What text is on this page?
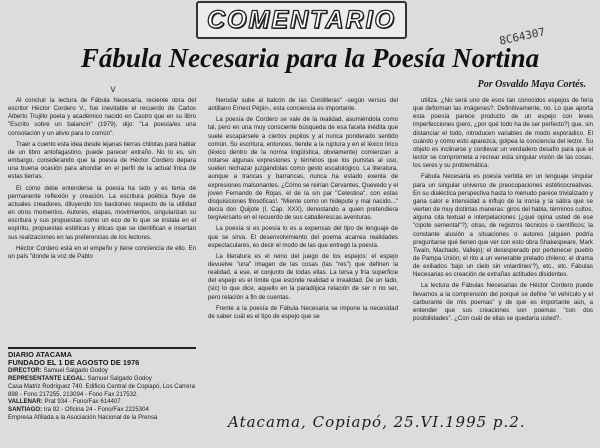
COMENTARIO
8C64307
v
Fábula Necesaria para la Poesía Nortina
Por Osvaldo Maya Cortés.

Al concluir la lectura de Fábula Necesaria, reciente obra del escritor Héctor Cordero V., fue inevitable el recuerdo de Carlos Alberto Trujillo poeta y académico nacido en Castro que en su libro "Escrito sobre un balancín" (1979), dijo: "La poesía/es una consolación y un alivio para lo común".

Traer a cuento esta idea desde lejanas tierras chilotas para hablar de un libro antofagastino, puede parecer extraño. No lo es, sin embargo, considerando que la poesía de Héctor Cordero depara una buena ocasión para ahondar en el perfil de la actual lírica de estas tierras.

El cómo debe entenderse la poesía ha sido y es tema de permanente reflexión y creación. La escritura poética fluye de actuales creadores, diluyendo los bastiones respecto de la utilidad en otros momentos. Autores, etapas, movimientos, singularizan su escritura y sus propuestas como un eco de lo que se instala en el espíritu, propuestas estéticas y éticas que se identifican e insertan sus realizaciones en las preferencias de los lectores.

Héctor Cordero está en el empeño y tiene conciencia de ello. En un país "donde la voz de Pablo

Neruda/ sube al balcón de las Cordilleras" -según versos del antillano Ernest Pépin-, esta conciencia es importante.

La poesía de Cordero se vale de la realidad, asumiéndola como tal, pero en una muy consciente búsqueda de esa faceta inédita que suele escapársele a ciertos pupilos y al nunca ponderado sentido común. Su escritura, entonces, tiende a la ruptura y en el léxico lírico (léxico dentro de la norma lingüística, obviamente) comienzan a notarse algunas expresiones y términos que los puristas al uso, suelen rechazar juzgándolas como gesto escatológico. La literatura, aunque a trancas y barrancas, nunca ha estado exenta de expresiones malsonantes. ¿Cómo se reirían Cervantes, Quevedo y el joven Fernando de Rojas, el de la sin par "Celestina", con estas disquisiciones filosóficas!. "Miente como un hidepute y mal nacido..." decía don Quijote (I. Cap. XXX), denostando a quien pretendiera tergiversarlo en el recuerdo de sus caballerescas aventuras.

La poesía si es poesía lo es a expensas del tipo de lenguaje de que se sirva. El desenvolvimiento del poema acarrea realidades espectaculares, es decir el modo de las que entregó la poesía.

La literatura es el reino del juego de los espejos: el espejo devuelve "una" imagen de las cosas (las "res") que definen la realidad, a ese, el conjunto de todas ellas. La tersa y fría superficie del espejo es el límite que escinde realidad e irrealidad. De un lado, (sic) lo que dice, aquello en la paradójica relación de ser o no ser, pero relación a fin de cuentas.

Frente a la poesía de Fábula Necesaria se impone la necesidad de saber cuál es el tipo de espejo que se

utiliza. ¿No será uno de esos tan conocidos espejos de feria que deforman las imágenes?. Definitivamente, no. Lo que aporta esta poesía parece producto de un espejo con leves imperfecciones (pero, ¿por qué todo ha de ser perfecto?) que, sin distanciar el todo, introducen variables de modo esporádico. El cuándo y cómo esto aparezca, golpea la conciencia del lector. Su objeto es inclinarse y conllevar un verdadero desafío para que el lector se comprometa a recrear esta singular visión de las cosas, los seres y su problemática.

Fábula Necesaria es poesía vertida en un lenguaje singular para un singular universo de preocupaciones estéticocreativas. En su dialéctica perspectiva hasta lo menudo parece trivializado y gana calor e intensidad a influjo de la ironía y la sátira que se vierten de muy distintas maneras: giros del habla, términos cultos, alguna cita textual e interpelaciones (¿qué opina usted de ese "cipote semental"?); otras, de registros técnicos o científicos; la constante alusión a situaciones o autores (alguien podría preguntarse qué tienen que ver con esto obra Shakespeare, Mark Twain, Machado, Vallejo); el desesperado por pertenecer pueblo de Pampa Unión; el rito a un venerable prelado chileno; el drama de exiliados 'bajo un cielo sin volantines'?), etc., etc. Fábulas Necesarias es creación de extrañas actitudes disidentes.

La lectura de Fábulas Necesarias de Héctor Cordero puede llevarnos a la comprensión del porqué se define "el vehículo y el carburante de mis poemas" y de que es importante aún, a entender que sus creaciones son poemas "con dos posibilidades". ¿Con cuál de ellas se quedaría usted?.

DIARIO ATACAMA
FUNDADO EL 1 DE AGOSTO DE 1976
DIRECTOR: Samuel Salgado Godoy
REPRESENTANTE LEGAL: Samuel Salgado Godoy
Casa Matriz Rodríguez 740. Edificio Central de Copiapó, Los Carrera 898 - Fono 217255, 213094 - Fono Fax 217532.
VALLENAR: Prat 934 - Fono/Fax 614407
SANTIAGO: Ira 92 - Oficina 24 - Fono/Fax 2225304
Empresa Afiliada a la Asociación Nacional de la Prensa	Atacama, Copiapó, 25.VI.1995 p.2.
